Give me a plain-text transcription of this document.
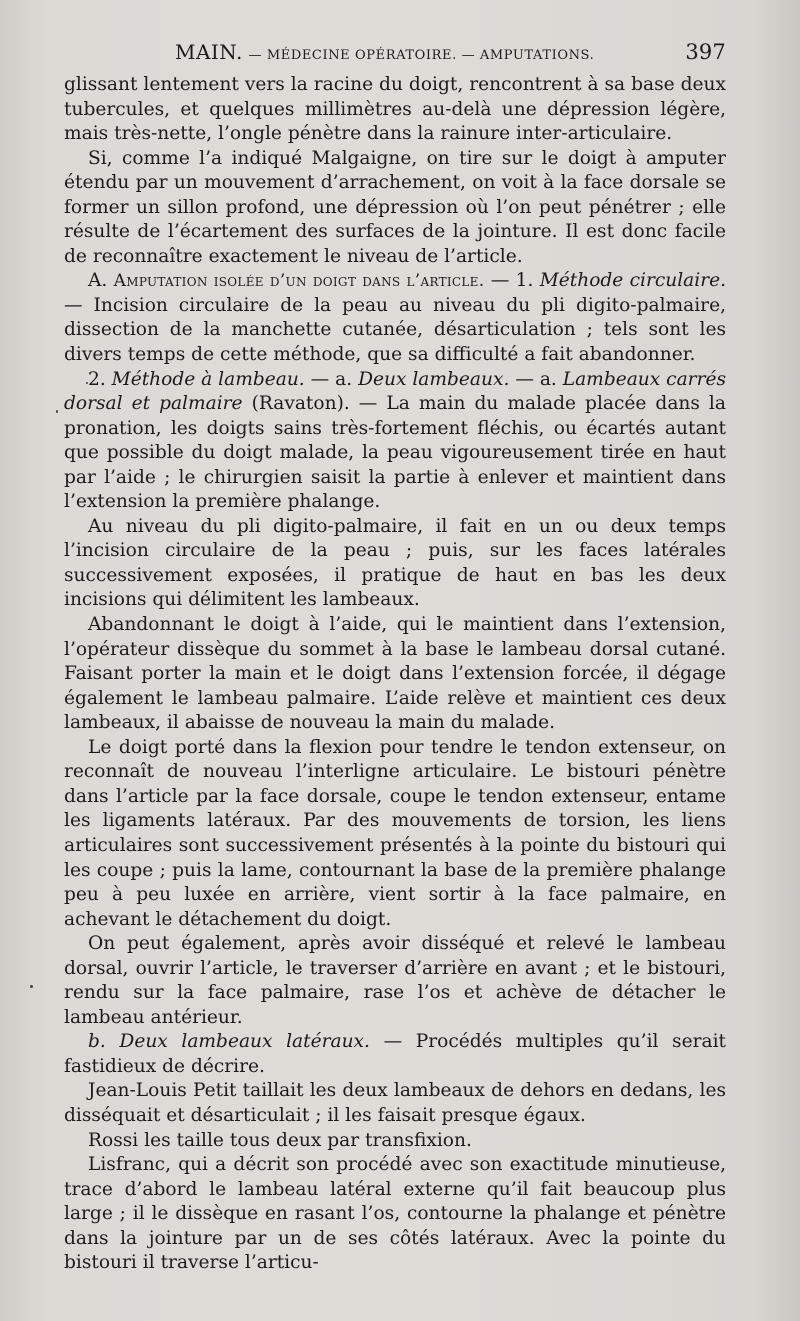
MAIN. — MÉDECINE OPÉRATOIRE. — AMPUTATIONS.	397

glissant lentement vers la racine du doigt, rencontrent à sa base deux tubercules, et quelques millimètres au-delà une dépression légère, mais très-nette, l’ongle pénètre dans la rainure inter-articulaire.

Si, comme l’a indiqué Malgaigne, on tire sur le doigt à amputer étendu par un mouvement d’arrachement, on voit à la face dorsale se former un sillon profond, une dépression où l’on peut pénétrer ; elle résulte de l’écartement des surfaces de la jointure. Il est donc facile de reconnaître exactement le niveau de l’article.

A. Amputation isolée d’un doigt dans l’article. — 1. Méthode circulaire. — Incision circulaire de la peau au niveau du pli digito-palmaire, dissection de la manchette cutanée, désarticulation ; tels sont les divers temps de cette méthode, que sa difficulté a fait abandonner.

2. Méthode à lambeau. — a. Deux lambeaux. — a. Lambeaux carrés dorsal et palmaire (Ravaton). — La main du malade placée dans la pronation, les doigts sains très-fortement fléchis, ou écartés autant que possible du doigt malade, la peau vigoureusement tirée en haut par l’aide ; le chirurgien saisit la partie à enlever et maintient dans l’extension la première phalange.

Au niveau du pli digito-palmaire, il fait en un ou deux temps l’incision circulaire de la peau ; puis, sur les faces latérales successivement exposées, il pratique de haut en bas les deux incisions qui délimitent les lambeaux.

Abandonnant le doigt à l’aide, qui le maintient dans l’extension, l’opérateur dissèque du sommet à la base le lambeau dorsal cutané. Faisant porter la main et le doigt dans l’extension forcée, il dégage également le lambeau palmaire. L’aide relève et maintient ces deux lambeaux, il abaisse de nouveau la main du malade.

Le doigt porté dans la flexion pour tendre le tendon extenseur, on reconnaît de nouveau l’interligne articulaire. Le bistouri pénètre dans l’article par la face dorsale, coupe le tendon extenseur, entame les ligaments latéraux. Par des mouvements de torsion, les liens articulaires sont successivement présentés à la pointe du bistouri qui les coupe ; puis la lame, contournant la base de la première phalange peu à peu luxée en arrière, vient sortir à la face palmaire, en achevant le détachement du doigt.

On peut également, après avoir disséqué et relevé le lambeau dorsal, ouvrir l’article, le traverser d’arrière en avant ; et le bistouri, rendu sur la face palmaire, rase l’os et achève de détacher le lambeau antérieur.

b. Deux lambeaux latéraux. — Procédés multiples qu’il serait fastidieux de décrire.

Jean-Louis Petit taillait les deux lambeaux de dehors en dedans, les disséquait et désarticulait ; il les faisait presque égaux.

Rossi les taille tous deux par transfixion.

Lisfranc, qui a décrit son procédé avec son exactitude minutieuse, trace d’abord le lambeau latéral externe qu’il fait beaucoup plus large ; il le dissèque en rasant l’os, contourne la phalange et pénètre dans la jointure par un de ses côtés latéraux. Avec la pointe du bistouri il traverse l’articu-
